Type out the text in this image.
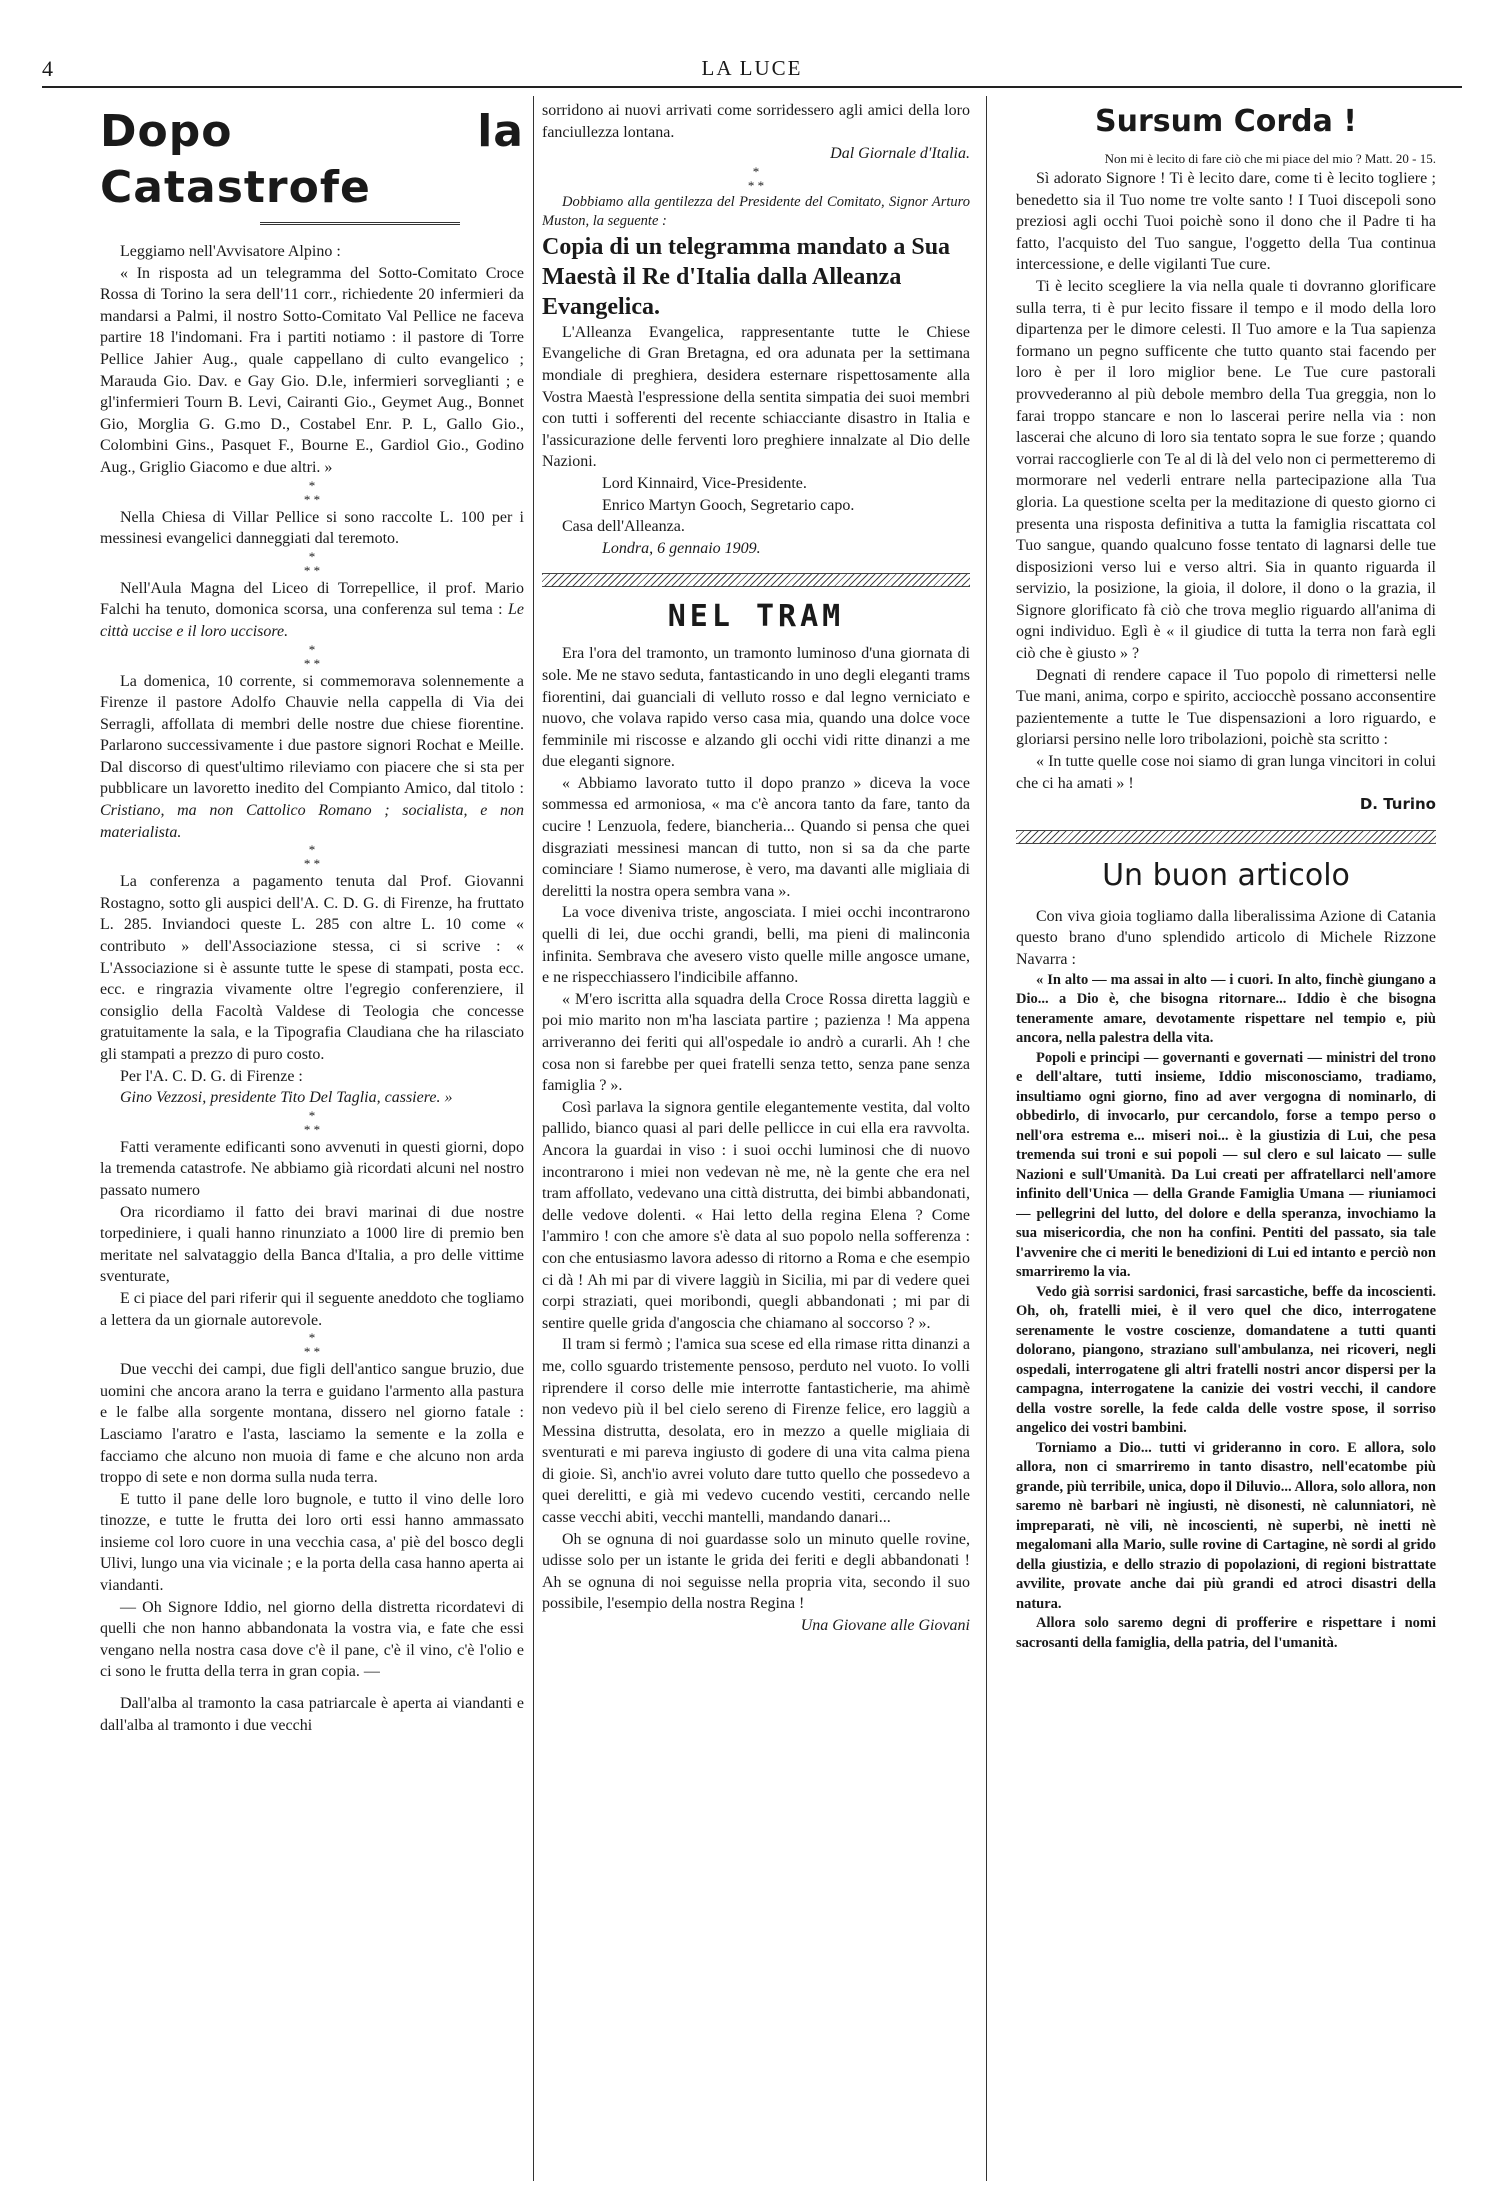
4	LA LUCE
Dopo la Catastrofe

Leggiamo nell'Avvisatore Alpino :

« In risposta ad un telegramma del Sotto-Comitato Croce Rossa di Torino la sera dell'11 corr., richiedente 20 infermieri da mandarsi a Palmi, il nostro Sotto-Comitato Val Pellice ne faceva partire 18 l'indomani. Fra i partiti notiamo : il pastore di Torre Pellice Jahier Aug., quale cappellano di culto evangelico ; Marauda Gio. Dav. e Gay Gio. D.le, infermieri sorveglianti ; e gl'infermieri Tourn B. Levi, Cairanti Gio., Geymet Aug., Bonnet Gio, Morglia G. G.mo D., Costabel Enr. P. L, Gallo Gio., Colombini Gins., Pasquet F., Bourne E., Gardiol Gio., Godino Aug., Griglio Giacomo e due altri. »

*
* *

Nella Chiesa di Villar Pellice si sono raccolte L. 100 per i messinesi evangelici danneggiati dal teremoto.

*
* *

Nell'Aula Magna del Liceo di Torrepellice, il prof. Mario Falchi ha tenuto, domonica scorsa, una conferenza sul tema : Le città uccise e il loro uccisore.

*
* *

La domenica, 10 corrente, si commemorava solennemente a Firenze il pastore Adolfo Chauvie nella cappella di Via dei Serragli, affollata di membri delle nostre due chiese fiorentine. Parlarono successivamente i due pastore signori Rochat e Meille. Dal discorso di quest'ultimo rileviamo con piacere che si sta per pubblicare un lavoretto inedito del Compianto Amico, dal titolo : Cristiano, ma non Cattolico Romano ; socialista, e non materialista.

*
* *

La conferenza a pagamento tenuta dal Prof. Giovanni Rostagno, sotto gli auspici dell'A. C. D. G. di Firenze, ha fruttato L. 285. Inviandoci queste L. 285 con altre L. 10 come « contributo » dell'Associazione stessa, ci si scrive : « L'Associazione si è assunte tutte le spese di stampati, posta ecc. ecc. e ringrazia vivamente oltre l'egregio conferenziere, il consiglio della Facoltà Valdese di Teologia che concesse gratuitamente la sala, e la Tipografia Claudiana che ha rilasciato gli stampati a prezzo di puro costo.

Per l'A. C. D. G. di Firenze :

Gino Vezzosi, presidente Tito Del Taglia, cassiere. »

*
* *

Fatti veramente edificanti sono avvenuti in questi giorni, dopo la tremenda catastrofe. Ne abbiamo già ricordati alcuni nel nostro passato numero

Ora ricordiamo il fatto dei bravi marinai di due nostre torpediniere, i quali hanno rinunziato a 1000 lire di premio ben meritate nel salvataggio della Banca d'Italia, a pro delle vittime sventurate,

E ci piace del pari riferir qui il seguente aneddoto che togliamo a lettera da un giornale autorevole.

*
* *

Due vecchi dei campi, due figli dell'antico sangue bruzio, due uomini che ancora arano la terra e guidano l'armento alla pastura e le falbe alla sorgente montana, dissero nel giorno fatale : Lasciamo l'aratro e l'asta, lasciamo la semente e la zolla e facciamo che alcuno non muoia di fame e che alcuno non arda troppo di sete e non dorma sulla nuda terra.

E tutto il pane delle loro bugnole, e tutto il vino delle loro tinozze, e tutte le frutta dei loro orti essi hanno ammassato insieme col loro cuore in una vecchia casa, a' piè del bosco degli Ulivi, lungo una via vicinale ; e la porta della casa hanno aperta ai viandanti.

— Oh Signore Iddio, nel giorno della distretta ricordatevi di quelli che non hanno abbandonata la vostra via, e fate che essi vengano nella nostra casa dove c'è il pane, c'è il vino, c'è l'olio e ci sono le frutta della terra in gran copia. —

Dall'alba al tramonto la casa patriarcale è aperta ai viandanti e dall'alba al tramonto i due vecchi

sorridono ai nuovi arrivati come sorridessero agli amici della loro fanciullezza lontana.

Dal Giornale d'Italia.

*
* *

Dobbiamo alla gentilezza del Presidente del Comitato, Signor Arturo Muston, la seguente :

Copia di un telegramma mandato a Sua Maestà il Re d'Italia dalla Alleanza Evangelica.

L'Alleanza Evangelica, rappresentante tutte le Chiese Evangeliche di Gran Bretagna, ed ora adunata per la settimana mondiale di preghiera, desidera esternare rispettosamente alla Vostra Maestà l'espressione della sentita simpatia dei suoi membri con tutti i sofferenti del recente schiacciante disastro in Italia e l'assicurazione delle ferventi loro preghiere innalzate al Dio delle Nazioni.

Lord Kinnaird, Vice-Presidente.

Enrico Martyn Gooch, Segretario capo.

Casa dell'Alleanza.

Londra, 6 gennaio 1909.

NEL TRAM

Era l'ora del tramonto, un tramonto luminoso d'una giornata di sole. Me ne stavo seduta, fantasticando in uno degli eleganti trams fiorentini, dai guanciali di velluto rosso e dal legno verniciato e nuovo, che volava rapido verso casa mia, quando una dolce voce femminile mi riscosse e alzando gli occhi vidi ritte dinanzi a me due eleganti signore.

« Abbiamo lavorato tutto il dopo pranzo » diceva la voce sommessa ed armoniosa, « ma c'è ancora tanto da fare, tanto da cucire ! Lenzuola, federe, biancheria... Quando si pensa che quei disgraziati messinesi mancan di tutto, non si sa da che parte cominciare ! Siamo numerose, è vero, ma davanti alle migliaia di derelitti la nostra opera sembra vana ».

La voce diveniva triste, angosciata. I miei occhi incontrarono quelli di lei, due occhi grandi, belli, ma pieni di malinconia infinita. Sembrava che avesero visto quelle mille angosce umane, e ne rispecchiassero l'indicibile affanno.

« M'ero iscritta alla squadra della Croce Rossa diretta laggiù e poi mio marito non m'ha lasciata partire ; pazienza ! Ma appena arriveranno dei feriti qui all'ospedale io andrò a curarli. Ah ! che cosa non si farebbe per quei fratelli senza tetto, senza pane senza famiglia ? ».

Così parlava la signora gentile elegantemente vestita, dal volto pallido, bianco quasi al pari delle pellicce in cui ella era ravvolta. Ancora la guardai in viso : i suoi occhi luminosi che di nuovo incontrarono i miei non vedevan nè me, nè la gente che era nel tram affollato, vedevano una città distrutta, dei bimbi abbandonati, delle vedove dolenti. « Hai letto della regina Elena ? Come l'ammiro ! con che amore s'è data al suo popolo nella sofferenza : con che entusiasmo lavora adesso di ritorno a Roma e che esempio ci dà ! Ah mi par di vivere laggiù in Sicilia, mi par di vedere quei corpi straziati, quei moribondi, quegli abbandonati ; mi par di sentire quelle grida d'angoscia che chiamano al soccorso ? ».

Il tram si fermò ; l'amica sua scese ed ella rimase ritta dinanzi a me, collo sguardo tristemente pensoso, perduto nel vuoto. Io volli riprendere il corso delle mie interrotte fantasticherie, ma ahimè non vedevo più il bel cielo sereno di Firenze felice, ero laggiù a Messina distrutta, desolata, ero in mezzo a quelle migliaia di sventurati e mi pareva ingiusto di godere di una vita calma piena di gioie. Sì, anch'io avrei voluto dare tutto quello che possedevo a quei derelitti, e già mi vedevo cucendo vestiti, cercando nelle casse vecchi abiti, vecchi mantelli, mandando danari...

Oh se ognuna di noi guardasse solo un minuto quelle rovine, udisse solo per un istante le grida dei feriti e degli abbandonati ! Ah se ognuna di noi seguisse nella propria vita, secondo il suo possibile, l'esempio della nostra Regina !

Una Giovane alle Giovani

Sursum Corda !

Non mi è lecito di fare ciò che mi piace del mio ? Matt. 20 - 15.

Sì adorato Signore ! Ti è lecito dare, come ti è lecito togliere ; benedetto sia il Tuo nome tre volte santo ! I Tuoi discepoli sono preziosi agli occhi Tuoi poichè sono il dono che il Padre ti ha fatto, l'acquisto del Tuo sangue, l'oggetto della Tua continua intercessione, e delle vigilanti Tue cure.

Ti è lecito scegliere la via nella quale ti dovranno glorificare sulla terra, ti è pur lecito fissare il tempo e il modo della loro dipartenza per le dimore celesti. Il Tuo amore e la Tua sapienza formano un pegno sufficente che tutto quanto stai facendo per loro è per il loro miglior bene. Le Tue cure pastorali provvederanno al più debole membro della Tua greggia, non lo farai troppo stancare e non lo lascerai perire nella via : non lascerai che alcuno di loro sia tentato sopra le sue forze ; quando vorrai raccoglierle con Te al di là del velo non ci permetteremo di mormorare nel vederli entrare nella partecipazione alla Tua gloria. La questione scelta per la meditazione di questo giorno ci presenta una risposta definitiva a tutta la famiglia riscattata col Tuo sangue, quando qualcuno fosse tentato di lagnarsi delle tue disposizioni verso lui e verso altri. Sia in quanto riguarda il servizio, la posizione, la gioia, il dolore, il dono o la grazia, il Signore glorificato fà ciò che trova meglio riguardo all'anima di ogni individuo. Eglì è « il giudice di tutta la terra non farà egli ciò che è giusto » ?

Degnati di rendere capace il Tuo popolo di rimettersi nelle Tue mani, anima, corpo e spirito, acciocchè possano acconsentire pazientemente a tutte le Tue dispensazioni a loro riguardo, e gloriarsi persino nelle loro tribolazioni, poichè sta scritto :

« In tutte quelle cose noi siamo di gran lunga vincitori in colui che ci ha amati » !

D. Turino

Un buon articolo

Con viva gioia togliamo dalla liberalissima Azione di Catania questo brano d'uno splendido articolo di Michele Rizzone Navarra :

« In alto — ma assai in alto — i cuori. In alto, finchè giungano a Dio... a Dio è, che bisogna ritornare... Iddio è che bisogna teneramente amare, devotamente rispettare nel tempio e, più ancora, nella palestra della vita.

Popoli e principi — governanti e governati — ministri del trono e dell'altare, tutti insieme, Iddio misconosciamo, tradiamo, insultiamo ogni giorno, fino ad aver vergogna di nominarlo, di obbedirlo, di invocarlo, pur cercandolo, forse a tempo perso o nell'ora estrema e... miseri noi... è la giustizia di Lui, che pesa tremenda sui troni e sui popoli — sul clero e sul laicato — sulle Nazioni e sull'Umanità. Da Lui creati per affratellarci nell'amore infinito dell'Unica — della Grande Famiglia Umana — riuniamoci — pellegrini del lutto, del dolore e della speranza, invochiamo la sua misericordia, che non ha confini. Pentiti del passato, sia tale l'avvenire che ci meriti le benedizioni di Lui ed intanto e perciò non smarriremo la via.

Vedo già sorrisi sardonici, frasi sarcastiche, beffe da incoscienti. Oh, oh, fratelli miei, è il vero quel che dico, interrogatene serenamente le vostre coscienze, domandatene a tutti quanti dolorano, piangono, straziano sull'ambulanza, nei ricoveri, negli ospedali, interrogatene gli altri fratelli nostri ancor dispersi per la campagna, interrogatene la canizie dei vostri vecchi, il candore della vostre sorelle, la fede calda delle vostre spose, il sorriso angelico dei vostri bambini.

Torniamo a Dio... tutti vi grideranno in coro. E allora, solo allora, non ci smarriremo in tanto disastro, nell'ecatombe più grande, più terribile, unica, dopo il Diluvio... Allora, solo allora, non saremo nè barbari nè ingiusti, nè disonesti, nè calunniatori, nè impreparati, nè vili, nè incoscienti, nè superbi, nè inetti nè megalomani alla Mario, sulle rovine di Cartagine, nè sordi al grido della giustizia, e dello strazio di popolazioni, di regioni bistrattate avvilite, provate anche dai più grandi ed atroci disastri della natura.

Allora solo saremo degni di profferire e rispettare i nomi sacrosanti della famiglia, della patria, del l'umanità.
